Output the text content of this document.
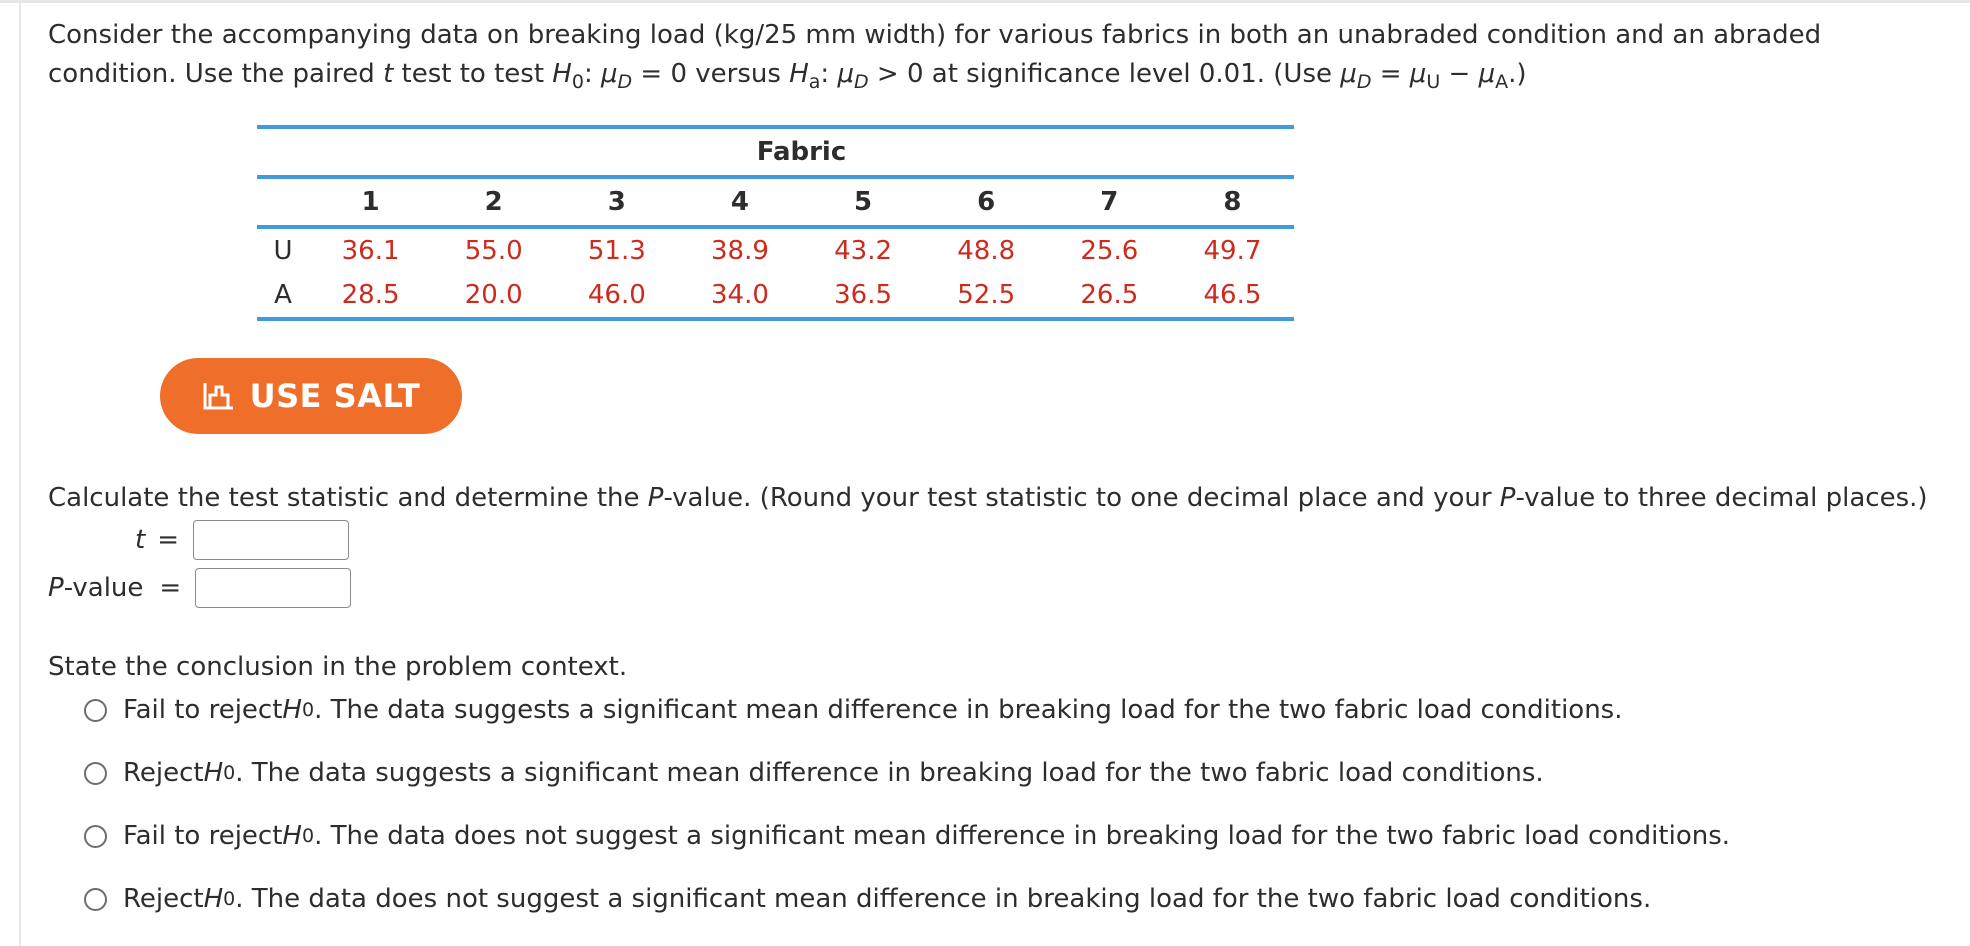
Consider the accompanying data on breaking load (kg/25 mm width) for various fabrics in both an unabraded condition and an abraded

condition. Use the paired t test to test $H_0$: $\mu_D = 0$ versus $H_a$: $\mu_D > 0$ at significance level 0.01. (Use $\mu_D = \mu_U - \mu_A$.)

	Fabric							

	1	2	3	4	5	6	7	8

U	36.1	55.0	51.3	38.9	43.2	48.8	25.6	49.7
A	28.5	20.0	46.0	34.0	36.5	52.5	26.5	46.5

USE SALT
Calculate the test statistic and determine the P-value. (Round your test statistic to one decimal place and your P-value to three decimal places.)
t =
P-value =
State the conclusion in the problem context.
Fail to reject H 0 . The data suggests a significant mean difference in breaking load for the two fabric load conditions.
Reject H 0 . The data suggests a significant mean difference in breaking load for the two fabric load conditions.
Fail to reject H 0 . The data does not suggest a significant mean difference in breaking load for the two fabric load conditions.
Reject H 0 . The data does not suggest a significant mean difference in breaking load for the two fabric load conditions.
